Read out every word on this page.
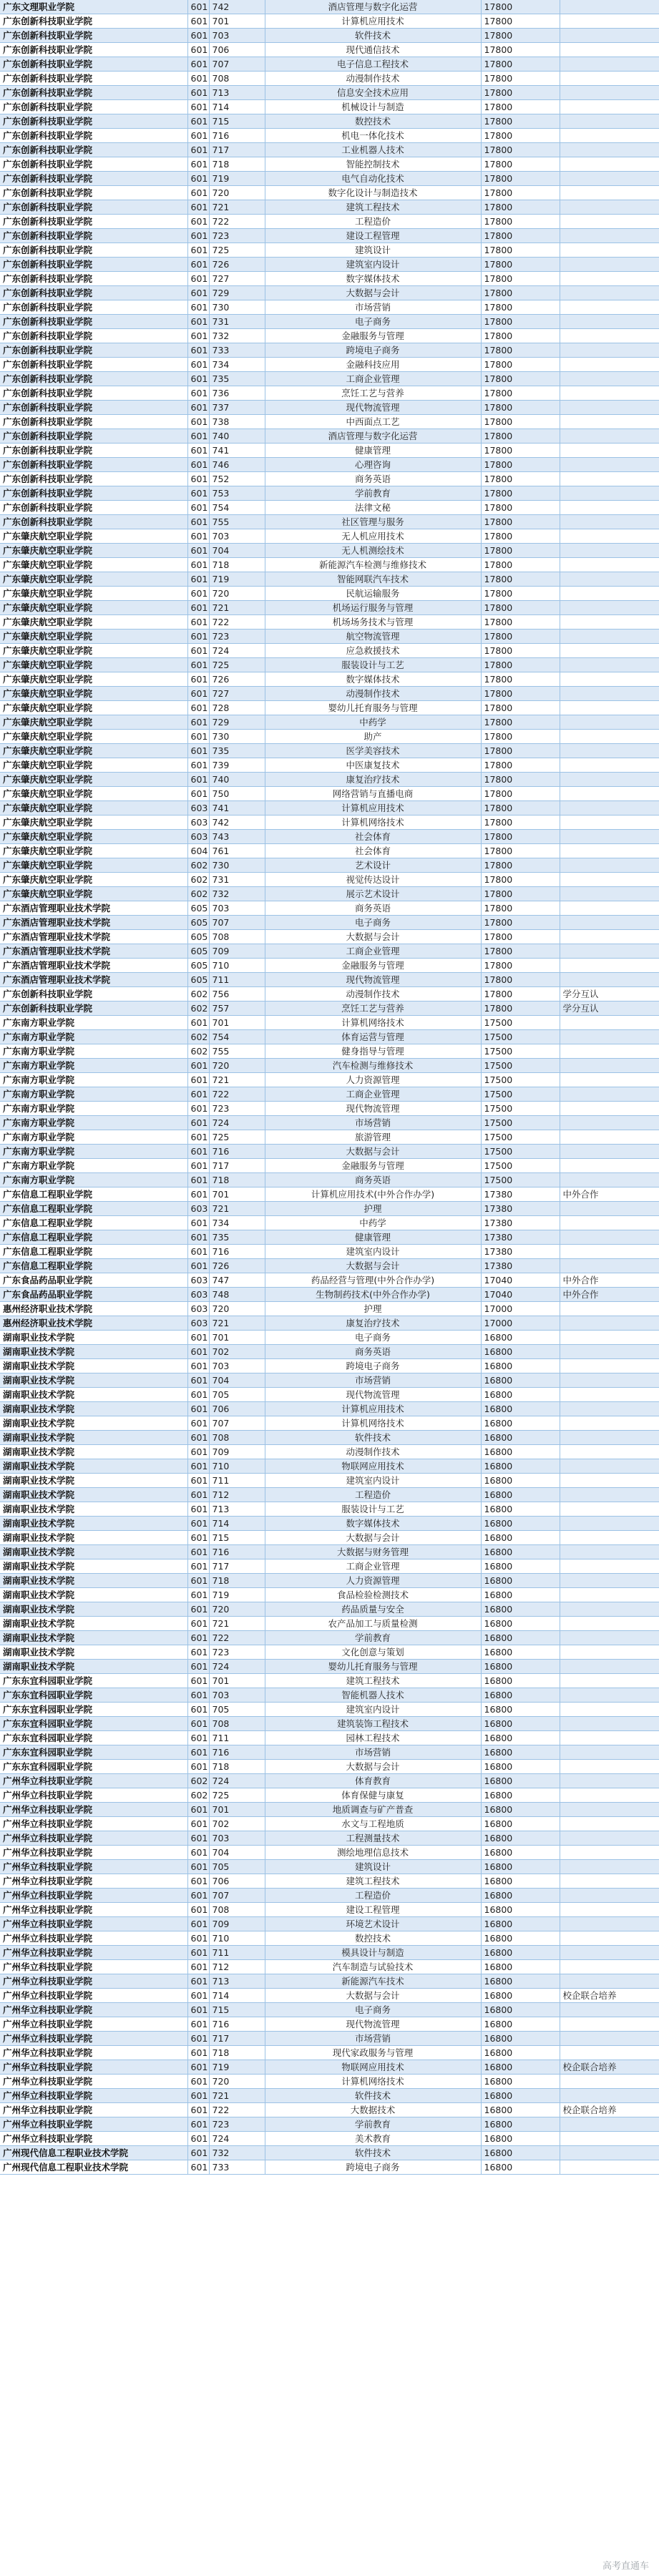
广东文理职业学院	601	742	酒店管理与数字化运营	17800	
广东创新科技职业学院	601	701	计算机应用技术	17800	
广东创新科技职业学院	601	703	软件技术	17800	
广东创新科技职业学院	601	706	现代通信技术	17800	
广东创新科技职业学院	601	707	电子信息工程技术	17800	
广东创新科技职业学院	601	708	动漫制作技术	17800	
广东创新科技职业学院	601	713	信息安全技术应用	17800	
广东创新科技职业学院	601	714	机械设计与制造	17800	
广东创新科技职业学院	601	715	数控技术	17800	
广东创新科技职业学院	601	716	机电一体化技术	17800	
广东创新科技职业学院	601	717	工业机器人技术	17800	
广东创新科技职业学院	601	718	智能控制技术	17800	
广东创新科技职业学院	601	719	电气自动化技术	17800	
广东创新科技职业学院	601	720	数字化设计与制造技术	17800	
广东创新科技职业学院	601	721	建筑工程技术	17800	
广东创新科技职业学院	601	722	工程造价	17800	
广东创新科技职业学院	601	723	建设工程管理	17800	
广东创新科技职业学院	601	725	建筑设计	17800	
广东创新科技职业学院	601	726	建筑室内设计	17800	
广东创新科技职业学院	601	727	数字媒体技术	17800	
广东创新科技职业学院	601	729	大数据与会计	17800	
广东创新科技职业学院	601	730	市场营销	17800	
广东创新科技职业学院	601	731	电子商务	17800	
广东创新科技职业学院	601	732	金融服务与管理	17800	
广东创新科技职业学院	601	733	跨境电子商务	17800	
广东创新科技职业学院	601	734	金融科技应用	17800	
广东创新科技职业学院	601	735	工商企业管理	17800	
广东创新科技职业学院	601	736	烹饪工艺与营养	17800	
广东创新科技职业学院	601	737	现代物流管理	17800	
广东创新科技职业学院	601	738	中西面点工艺	17800	
广东创新科技职业学院	601	740	酒店管理与数字化运营	17800	
广东创新科技职业学院	601	741	健康管理	17800	
广东创新科技职业学院	601	746	心理咨询	17800	
广东创新科技职业学院	601	752	商务英语	17800	
广东创新科技职业学院	601	753	学前教育	17800	
广东创新科技职业学院	601	754	法律文秘	17800	
广东创新科技职业学院	601	755	社区管理与服务	17800	
广东肇庆航空职业学院	601	703	无人机应用技术	17800	
广东肇庆航空职业学院	601	704	无人机测绘技术	17800	
广东肇庆航空职业学院	601	718	新能源汽车检测与维修技术	17800	
广东肇庆航空职业学院	601	719	智能网联汽车技术	17800	
广东肇庆航空职业学院	601	720	民航运输服务	17800	
广东肇庆航空职业学院	601	721	机场运行服务与管理	17800	
广东肇庆航空职业学院	601	722	机场场务技术与管理	17800	
广东肇庆航空职业学院	601	723	航空物流管理	17800	
广东肇庆航空职业学院	601	724	应急救援技术	17800	
广东肇庆航空职业学院	601	725	服装设计与工艺	17800	
广东肇庆航空职业学院	601	726	数字媒体技术	17800	
广东肇庆航空职业学院	601	727	动漫制作技术	17800	
广东肇庆航空职业学院	601	728	婴幼儿托育服务与管理	17800	
广东肇庆航空职业学院	601	729	中药学	17800	
广东肇庆航空职业学院	601	730	助产	17800	
广东肇庆航空职业学院	601	735	医学美容技术	17800	
广东肇庆航空职业学院	601	739	中医康复技术	17800	
广东肇庆航空职业学院	601	740	康复治疗技术	17800	
广东肇庆航空职业学院	601	750	网络营销与直播电商	17800	
广东肇庆航空职业学院	603	741	计算机应用技术	17800	
广东肇庆航空职业学院	603	742	计算机网络技术	17800	
广东肇庆航空职业学院	603	743	社会体育	17800	
广东肇庆航空职业学院	604	761	社会体育	17800	
广东肇庆航空职业学院	602	730	艺术设计	17800	
广东肇庆航空职业学院	602	731	视觉传达设计	17800	
广东肇庆航空职业学院	602	732	展示艺术设计	17800	
广东酒店管理职业技术学院	605	703	商务英语	17800	
广东酒店管理职业技术学院	605	707	电子商务	17800	
广东酒店管理职业技术学院	605	708	大数据与会计	17800	
广东酒店管理职业技术学院	605	709	工商企业管理	17800	
广东酒店管理职业技术学院	605	710	金融服务与管理	17800	
广东酒店管理职业技术学院	605	711	现代物流管理	17800	
广东创新科技职业学院	602	756	动漫制作技术	17800	学分互认
广东创新科技职业学院	602	757	烹饪工艺与营养	17800	学分互认
广东南方职业学院	601	701	计算机网络技术	17500	
广东南方职业学院	602	754	体育运营与管理	17500	
广东南方职业学院	602	755	健身指导与管理	17500	
广东南方职业学院	601	720	汽车检测与维修技术	17500	
广东南方职业学院	601	721	人力资源管理	17500	
广东南方职业学院	601	722	工商企业管理	17500	
广东南方职业学院	601	723	现代物流管理	17500	
广东南方职业学院	601	724	市场营销	17500	
广东南方职业学院	601	725	旅游管理	17500	
广东南方职业学院	601	716	大数据与会计	17500	
广东南方职业学院	601	717	金融服务与管理	17500	
广东南方职业学院	601	718	商务英语	17500	
广东信息工程职业学院	601	701	计算机应用技术(中外合作办学)	17380	中外合作
广东信息工程职业学院	603	721	护理	17380	
广东信息工程职业学院	601	734	中药学	17380	
广东信息工程职业学院	601	735	健康管理	17380	
广东信息工程职业学院	601	716	建筑室内设计	17380	
广东信息工程职业学院	601	726	大数据与会计	17380	
广东食品药品职业学院	603	747	药品经营与管理(中外合作办学)	17040	中外合作
广东食品药品职业学院	603	748	生物制药技术(中外合作办学)	17040	中外合作
惠州经济职业技术学院	603	720	护理	17000	
惠州经济职业技术学院	603	721	康复治疗技术	17000	
湖南职业技术学院	601	701	电子商务	16800	
湖南职业技术学院	601	702	商务英语	16800	
湖南职业技术学院	601	703	跨境电子商务	16800	
湖南职业技术学院	601	704	市场营销	16800	
湖南职业技术学院	601	705	现代物流管理	16800	
湖南职业技术学院	601	706	计算机应用技术	16800	
湖南职业技术学院	601	707	计算机网络技术	16800	
湖南职业技术学院	601	708	软件技术	16800	
湖南职业技术学院	601	709	动漫制作技术	16800	
湖南职业技术学院	601	710	物联网应用技术	16800	
湖南职业技术学院	601	711	建筑室内设计	16800	
湖南职业技术学院	601	712	工程造价	16800	
湖南职业技术学院	601	713	服装设计与工艺	16800	
湖南职业技术学院	601	714	数字媒体技术	16800	
湖南职业技术学院	601	715	大数据与会计	16800	
湖南职业技术学院	601	716	大数据与财务管理	16800	
湖南职业技术学院	601	717	工商企业管理	16800	
湖南职业技术学院	601	718	人力资源管理	16800	
湖南职业技术学院	601	719	食品检验检测技术	16800	
湖南职业技术学院	601	720	药品质量与安全	16800	
湖南职业技术学院	601	721	农产品加工与质量检测	16800	
湖南职业技术学院	601	722	学前教育	16800	
湖南职业技术学院	601	723	文化创意与策划	16800	
湖南职业技术学院	601	724	婴幼儿托育服务与管理	16800	
广东东宜科园职业学院	601	701	建筑工程技术	16800	
广东东宜科园职业学院	601	703	智能机器人技术	16800	
广东东宜科园职业学院	601	705	建筑室内设计	16800	
广东东宜科园职业学院	601	708	建筑装饰工程技术	16800	
广东东宜科园职业学院	601	711	园林工程技术	16800	
广东东宜科园职业学院	601	716	市场营销	16800	
广东东宜科园职业学院	601	718	大数据与会计	16800	
广州华立科技职业学院	602	724	体育教育	16800	
广州华立科技职业学院	602	725	体育保健与康复	16800	
广州华立科技职业学院	601	701	地质调查与矿产普查	16800	
广州华立科技职业学院	601	702	水文与工程地质	16800	
广州华立科技职业学院	601	703	工程测量技术	16800	
广州华立科技职业学院	601	704	测绘地理信息技术	16800	
广州华立科技职业学院	601	705	建筑设计	16800	
广州华立科技职业学院	601	706	建筑工程技术	16800	
广州华立科技职业学院	601	707	工程造价	16800	
广州华立科技职业学院	601	708	建设工程管理	16800	
广州华立科技职业学院	601	709	环境艺术设计	16800	
广州华立科技职业学院	601	710	数控技术	16800	
广州华立科技职业学院	601	711	模具设计与制造	16800	
广州华立科技职业学院	601	712	汽车制造与试验技术	16800	
广州华立科技职业学院	601	713	新能源汽车技术	16800	
广州华立科技职业学院	601	714	大数据与会计	16800	校企联合培养
广州华立科技职业学院	601	715	电子商务	16800	
广州华立科技职业学院	601	716	现代物流管理	16800	
广州华立科技职业学院	601	717	市场营销	16800	
广州华立科技职业学院	601	718	现代家政服务与管理	16800	
广州华立科技职业学院	601	719	物联网应用技术	16800	校企联合培养
广州华立科技职业学院	601	720	计算机网络技术	16800	
广州华立科技职业学院	601	721	软件技术	16800	
广州华立科技职业学院	601	722	大数据技术	16800	校企联合培养
广州华立科技职业学院	601	723	学前教育	16800	
广州华立科技职业学院	601	724	美术教育	16800	
广州现代信息工程职业技术学院	601	732	软件技术	16800	
广州现代信息工程职业技术学院	601	733	跨境电子商务	16800	
高考直通车
